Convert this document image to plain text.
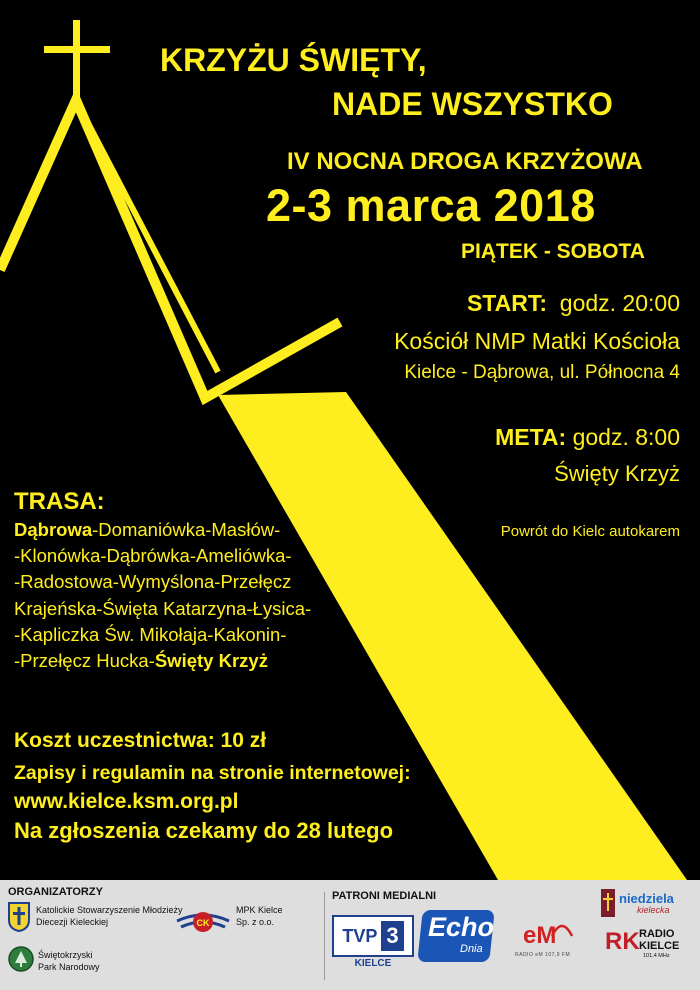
KRZYŻU ŚWIĘTY,

NADE WSZYSTKO

IV NOCNA DROGA KRZYŻOWA

2-3 marca 2018

PIĄTEK - SOBOTA

START: godz. 20:00

Kościół NMP Matki Kościoła

Kielce - Dąbrowa, ul. Północna 4

META: godz. 8:00

Święty Krzyż

Powrót do Kielc autokarem

TRASA:

Dąbrowa-Domaniówka-Masłów-
-Klonówka-Dąbrówka-Ameliówka-
-Radostowa-Wymyślona-Przełęcz
Krajeńska-Święta Katarzyna-Łysica-
-Kapliczka Św. Mikołaja-Kakonin-
-Przełęcz Hucka-Święty Krzyż

Koszt uczestnictwa: 10 zł

Zapisy i regulamin na stronie internetowej:

www.kielce.ksm.org.pl

Na zgłoszenia czekamy do 28 lutego

ORGANIZATORZY

Katolickie Stowarzyszenie Młodzieży
Diecezji Kieleckiej	CK
MPK Kielce
Sp. z o.o.
Świętokrzyski
Park Narodowy

PATRONI MEDIALNI

TVP 3
KIELCE
Echo
Dnia eM
RADIO eM 107,9 FM
niedziela
kielecka
RK RADIO
KIELCE
101,4 MHz
